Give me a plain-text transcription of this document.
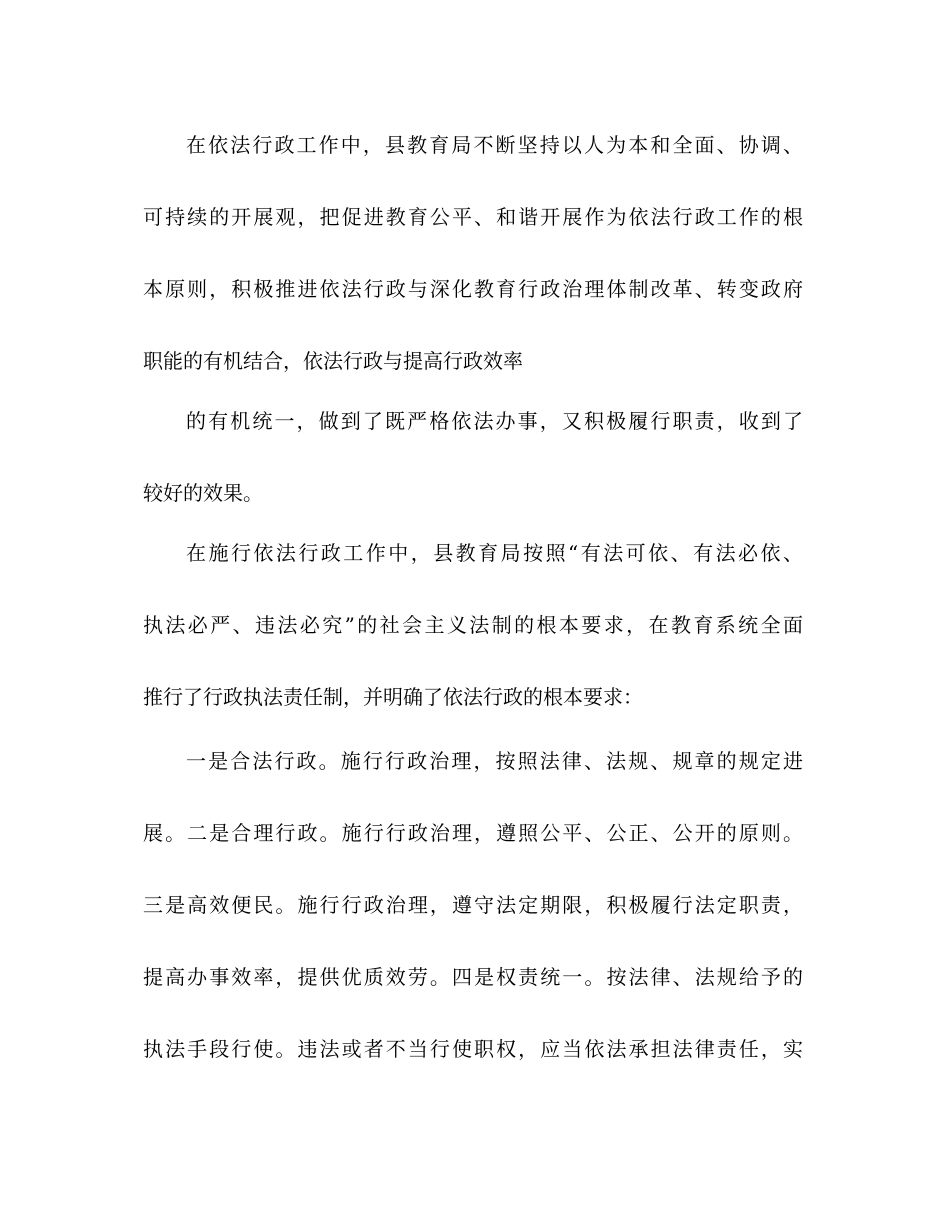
在依法行政工作中，县教育局不断坚持以人为本和全面、协调、
可持续的开展观，把促进教育公平、和谐开展作为依法行政工作的根
本原则，积极推进依法行政与深化教育行政治理体制改革、转变政府
职能的有机结合，依法行政与提高行政效率
的有机统一，做到了既严格依法办事，又积极履行职责，收到了
较好的效果。
在施行依法行政工作中，县教育局按照“有法可依、有法必依、
执法必严、违法必究”的社会主义法制的根本要求，在教育系统全面
推行了行政执法责任制，并明确了依法行政的根本要求：
一是合法行政。施行行政治理，按照法律、法规、规章的规定进
展。二是合理行政。施行行政治理，遵照公平、公正、公开的原则。
三是高效便民。施行行政治理，遵守法定期限，积极履行法定职责，
提高办事效率，提供优质效劳。四是权责统一。按法律、法规给予的
执法手段行使。违法或者不当行使职权，应当依法承担法律责任，实
